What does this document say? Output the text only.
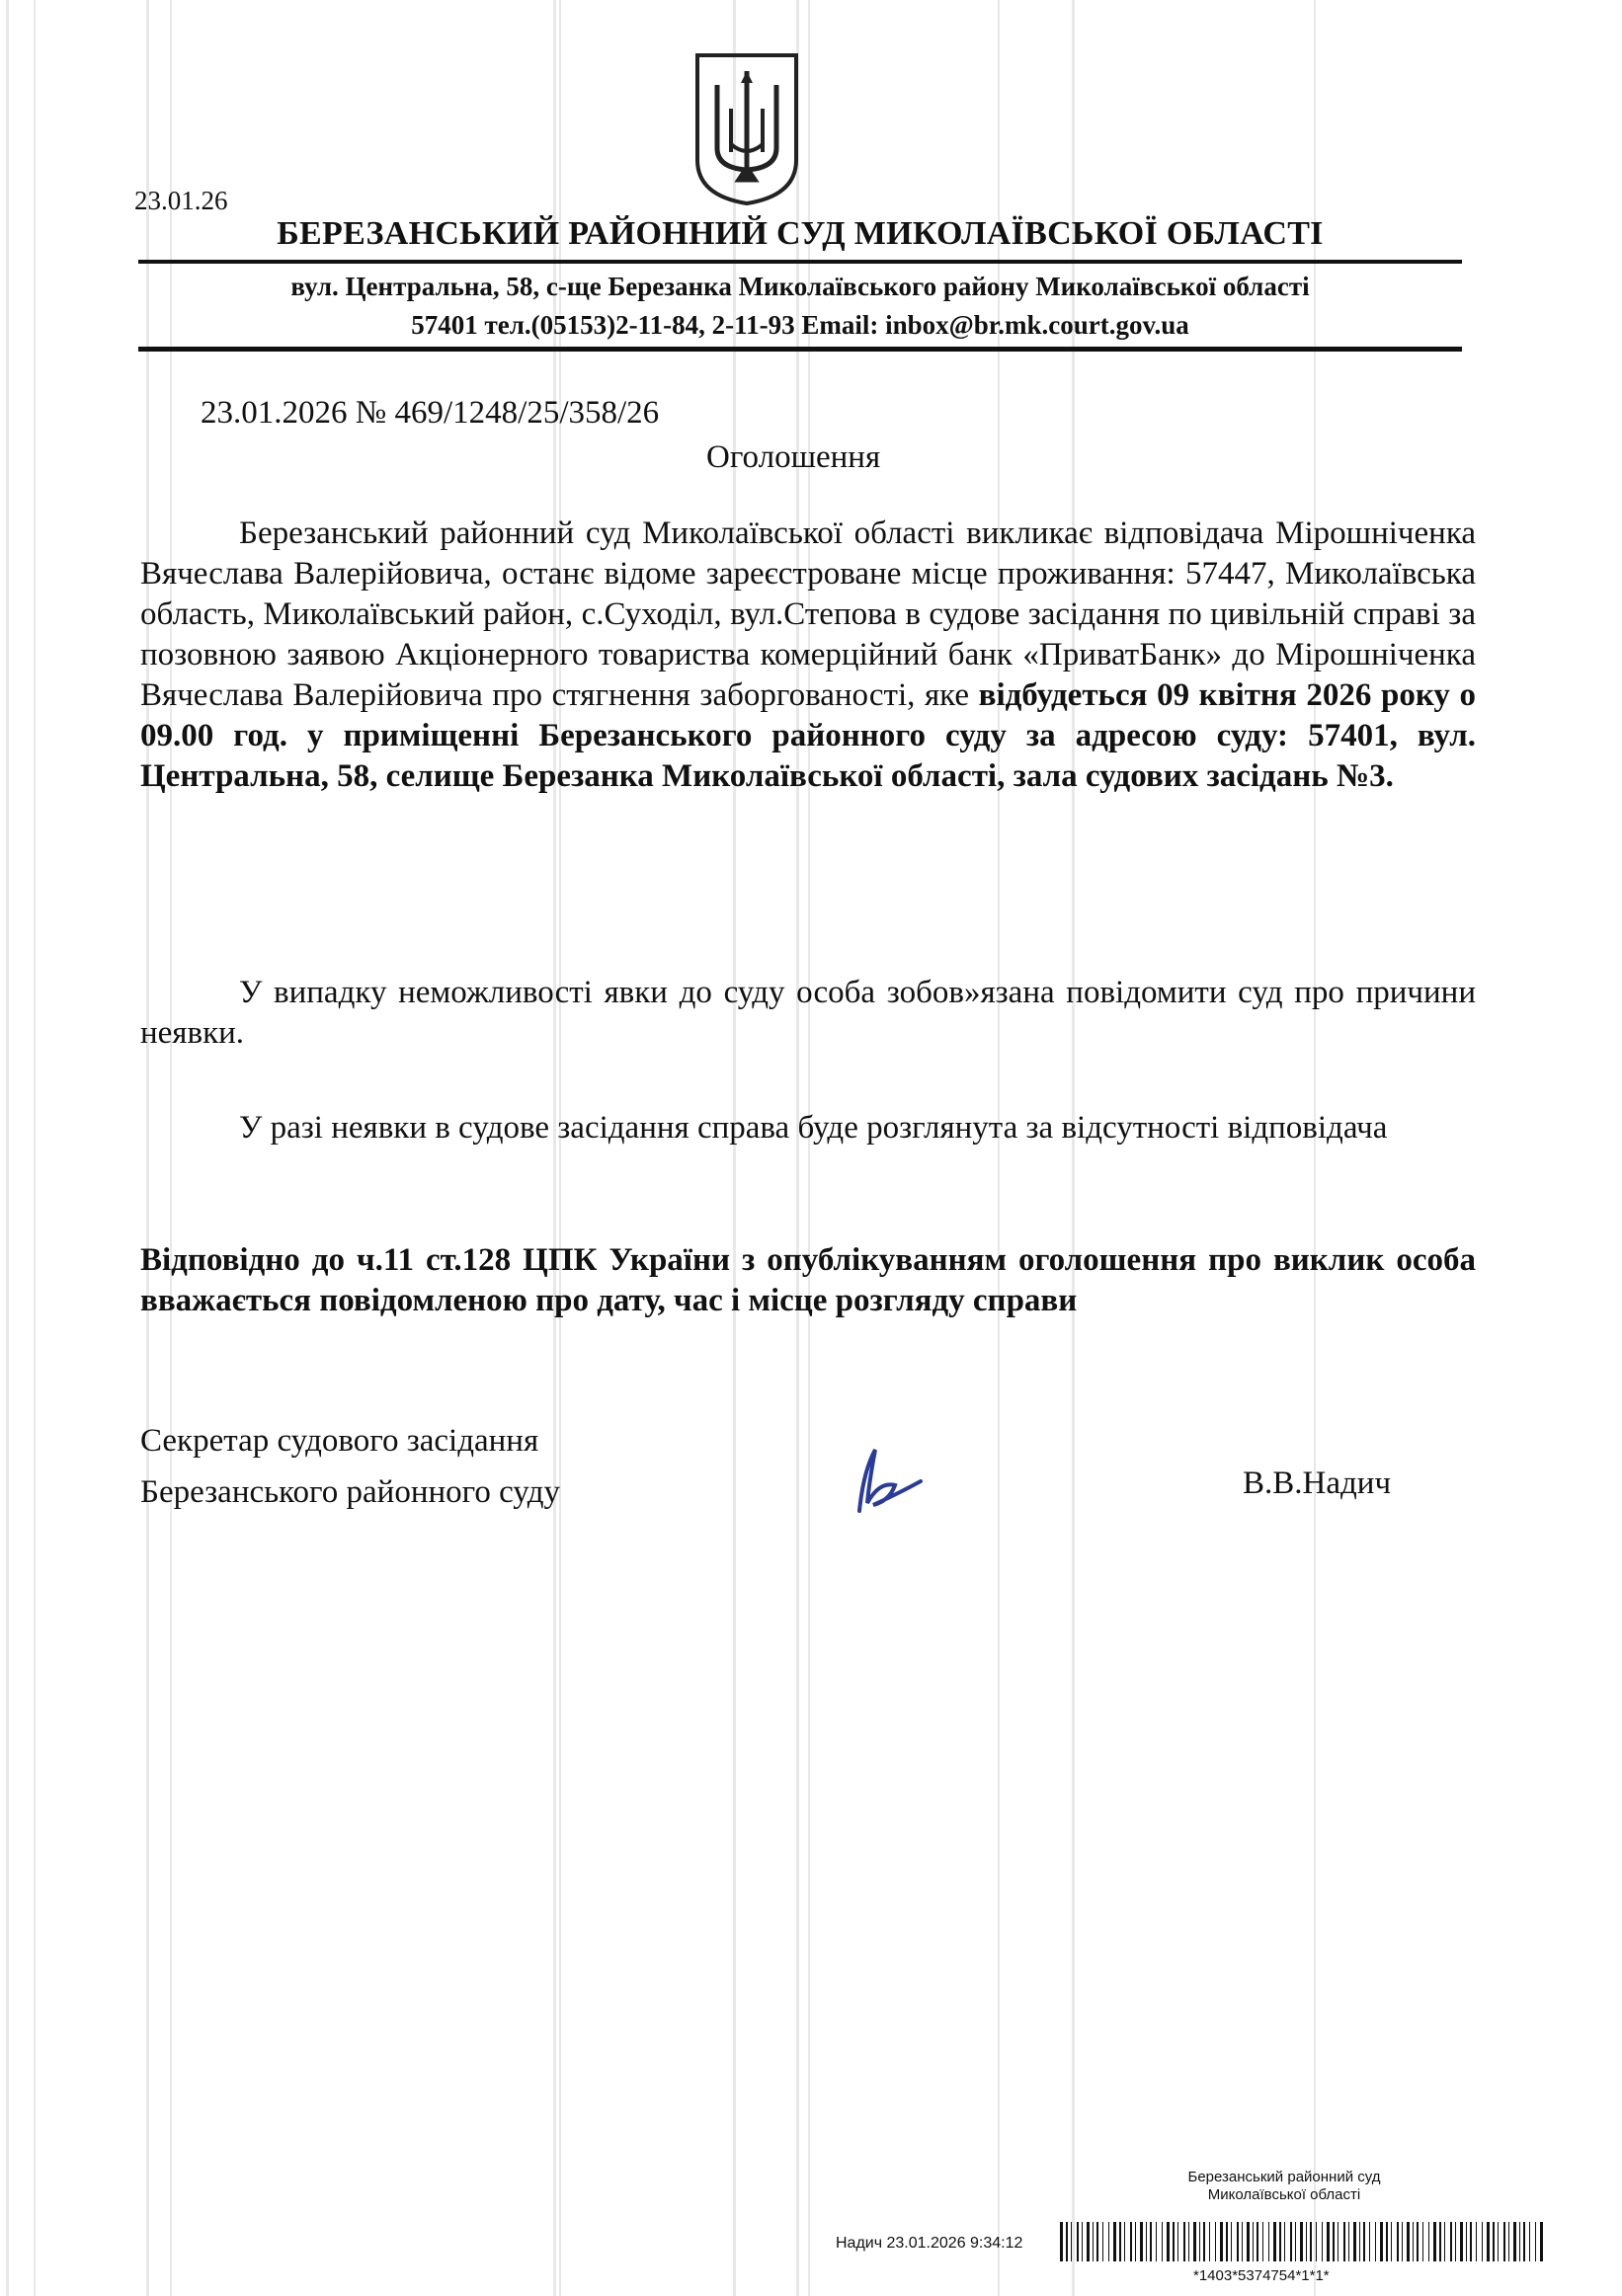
23.01.26
БЕРЕЗАНСЬКИЙ РАЙОННИЙ СУД МИКОЛАЇВСЬКОЇ ОБЛАСТІ
вул. Центральна, 58, с-ще Березанка Миколаївського району Миколаївської області
57401 тел.(05153)2-11-84, 2-11-93 Email: inbox@br.mk.court.gov.ua
23.01.2026 № 469/1248/25/358/26
Оголошення
Березанський районний суд Миколаївської області викликає відповідача Мірошніченка Вячеслава Валерійовича, останє відоме зареєстроване місце проживання: 57447, Миколаївська область, Миколаївський район, с.Суходіл, вул.Степова в судове засідання по цивільній справі за позовною заявою Акціонерного товариства комерційний банк «ПриватБанк» до Мірошніченка Вячеслава Валерійовича про стягнення заборгованості, яке відбудеться 09 квітня 2026 року о 09.00 год. у приміщенні Березанського районного суду за адресою суду: 57401, вул. Центральна, 58, селище Березанка Миколаївської області, зала судових засідань №3.
У випадку неможливості явки до суду особа зобов»язана повідомити суд про причини неявки.
У разі неявки в судове засідання справа буде розглянута за відсутності відповідача
Відповідно до ч.11 ст.128 ЦПК України з опублікуванням оголошення про виклик особа вважається повідомленою про дату, час і місце розгляду справи
Секретар судового засідання
Березанського районного суду	В.В.Надич
Березанський районний суд
Миколаївської області
Надич 23.01.2026 9:34:12
*1403*5374754*1*1*
